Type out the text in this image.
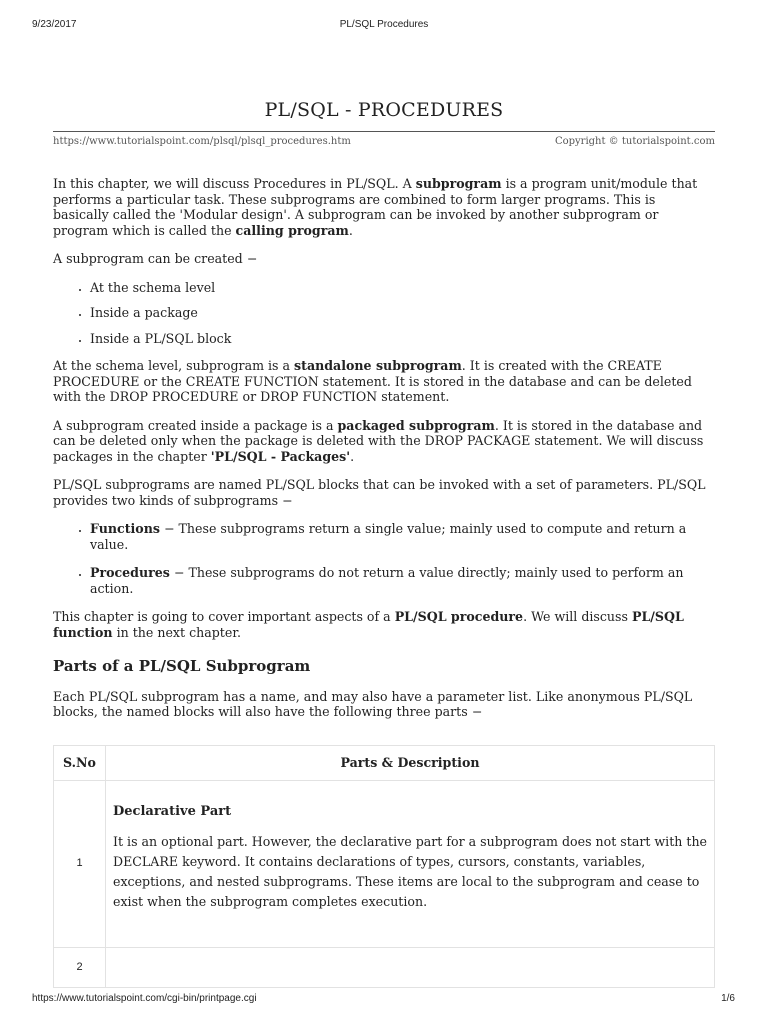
9/23/2017	PL/SQL Procedures
PL/SQL - PROCEDURES
https://www.tutorialspoint.com/plsql/plsql_procedures.htm	Copyright © tutorialspoint.com

In this chapter, we will discuss Procedures in PL/SQL. A subprogram is a program unit/module that performs a particular task. These subprograms are combined to form larger programs. This is basically called the 'Modular design'. A subprogram can be invoked by another subprogram or program which is called the calling program.

A subprogram can be created −

• At the schema level
• Inside a package
• Inside a PL/SQL block

At the schema level, subprogram is a standalone subprogram. It is created with the CREATE PROCEDURE or the CREATE FUNCTION statement. It is stored in the database and can be deleted with the DROP PROCEDURE or DROP FUNCTION statement.

A subprogram created inside a package is a packaged subprogram. It is stored in the database and can be deleted only when the package is deleted with the DROP PACKAGE statement. We will discuss packages in the chapter 'PL/SQL - Packages'.

PL/SQL subprograms are named PL/SQL blocks that can be invoked with a set of parameters. PL/SQL provides two kinds of subprograms −

• Functions − These subprograms return a single value; mainly used to compute and return a value.
• Procedures − These subprograms do not return a value directly; mainly used to perform an action.

This chapter is going to cover important aspects of a PL/SQL procedure. We will discuss PL/SQL function in the next chapter.

Parts of a PL/SQL Subprogram

Each PL/SQL subprogram has a name, and may also have a parameter list. Like anonymous PL/SQL blocks, the named blocks will also have the following three parts −

S.No	Parts & Description
1	Declarative Part

It is an optional part. However, the declarative part for a subprogram does not start with the DECLARE keyword. It contains declarations of types, cursors, constants, variables, exceptions, and nested subprograms. These items are local to the subprogram and cease to exist when the subprogram completes execution.

2	
https://www.tutorialspoint.com/cgi-bin/printpage.cgi	1/6
